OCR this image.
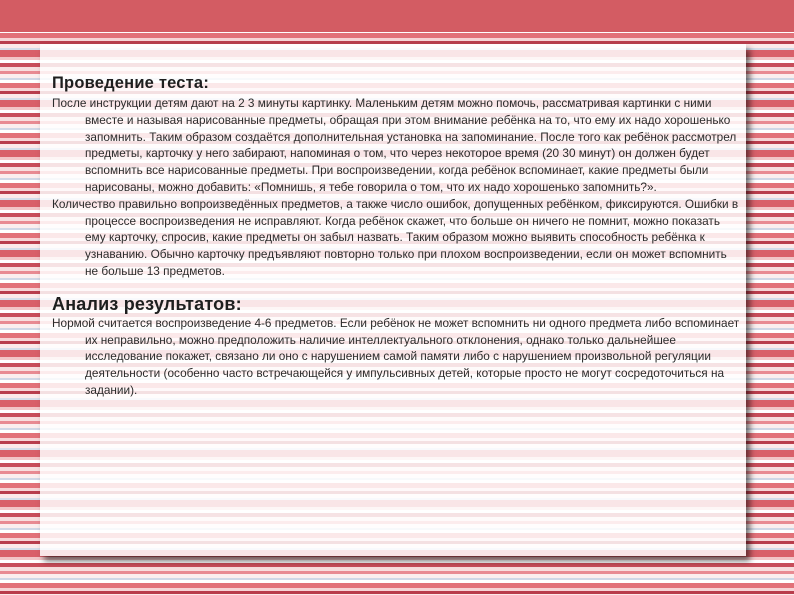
Проведение теста:

После инструкции детям дают на 2 3 минуты картинку. Маленьким детям можно помочь, рассматривая картинки с ними вместе и называя нарисованные предметы, обращая при этом внимание ребёнка на то, что ему их надо хорошенько запомнить. Таким образом создаётся дополнительная установка на запоминание. После того как ребёнок рассмотрел предметы, карточку у него забирают, напоминая о том, что через некоторое время (20 30 минут) он должен будет вспомнить все нарисованные предметы. При воспроизведении, когда ребёнок вспоминает, какие предметы были нарисованы, можно добавить: «Помнишь, я тебе говорила о том, что их надо хорошенько запомнить?».

Количество правильно вопроизведённых предметов, а также число ошибок, допущенных ребёнком, фиксируются. Ошибки в процессе воспроизведения не исправляют. Когда ребёнок скажет, что больше он ничего не помнит, можно показать ему карточку, спросив, какие предметы он забыл назвать. Таким образом можно выявить способность ребёнка к узнаванию. Обычно карточку предъявляют повторно только при плохом воспроизведении, если он может вспомнить не больше 13 предметов.

Анализ результатов:

Нормой считается воспроизведение 4-6 предметов. Если ребёнок не может вспомнить ни одного предмета либо вспоминает их неправильно, можно предположить наличие интеллектуального отклонения, однако только дальнейшее исследование покажет, связано ли оно с нарушением самой памяти либо с нарушением произвольной регуляции деятельности (особенно часто встречающейся у импульсивных детей, которые просто не могут сосредоточиться на задании).
